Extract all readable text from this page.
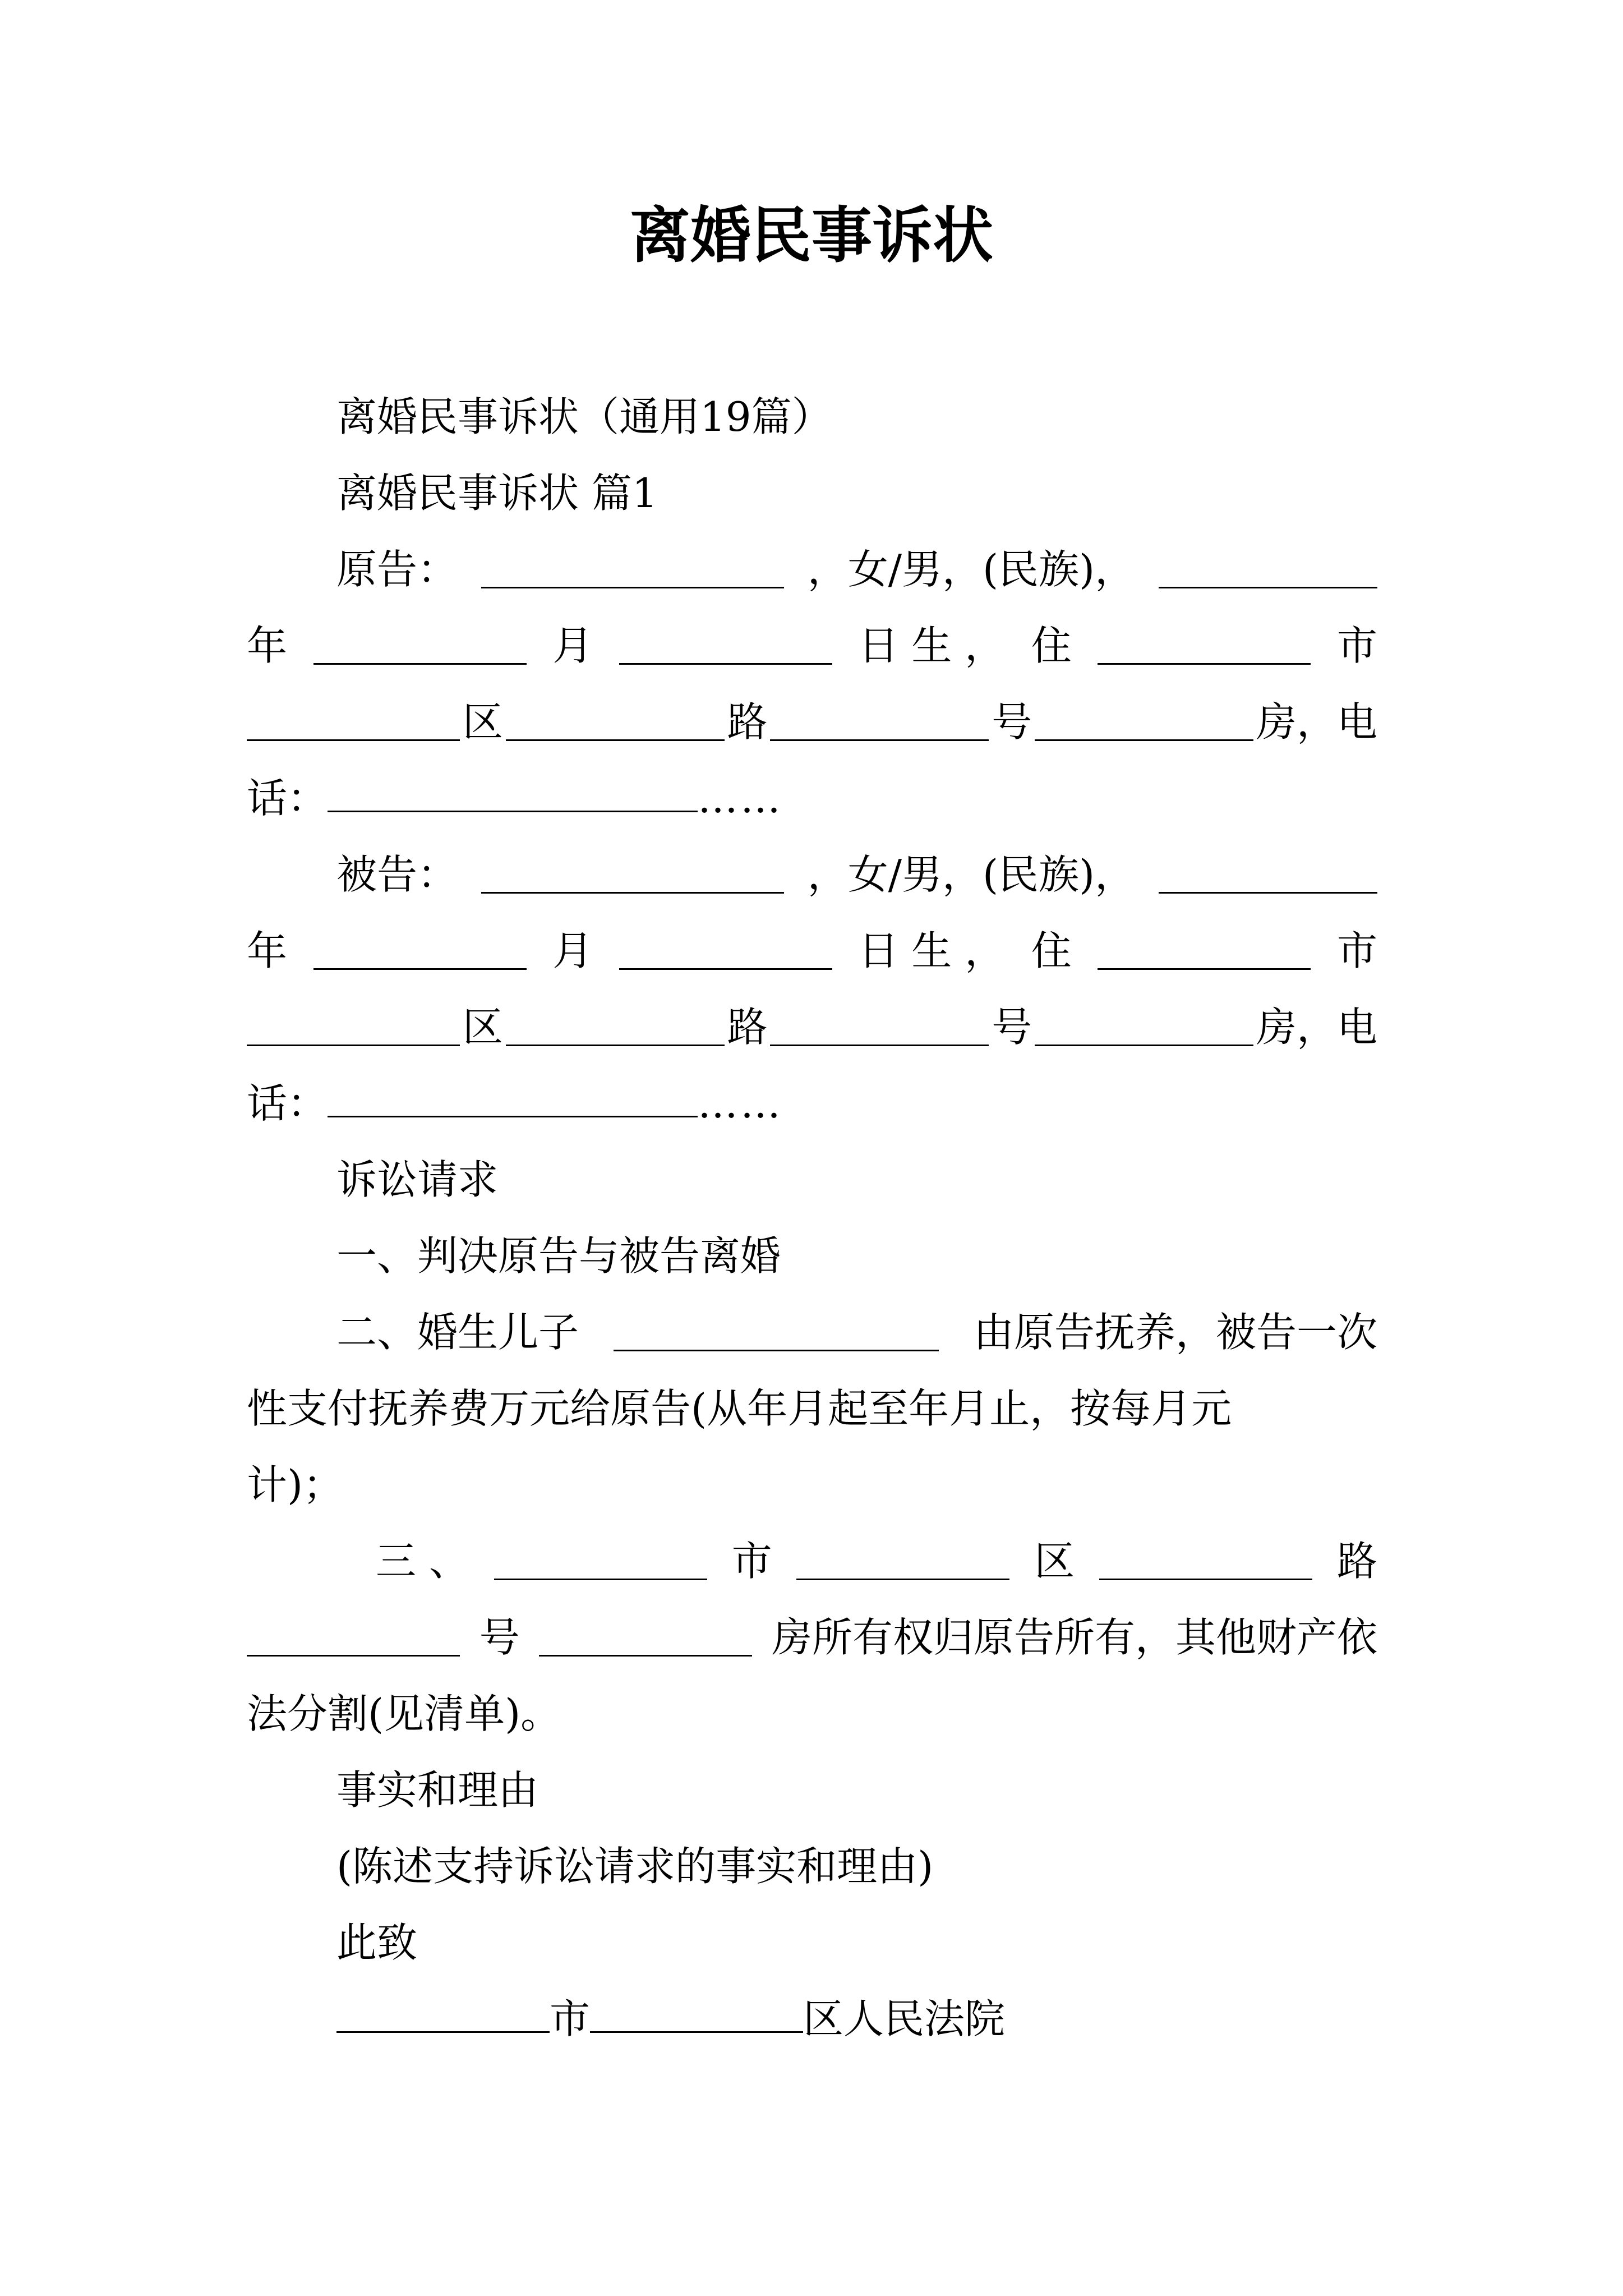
离婚民事诉状
离婚民事诉状（通用19篇）
离婚民事诉状 篇1
原告：	，女/男，(民族)，
年	月	日 生 ， 住	市
区	路	号	房，电
话：	……
被告：	，女/男，(民族)，
年	月	日 生 ， 住	市
区	路	号	房，电
话：	……
诉讼请求
一、判决原告与被告离婚
二、婚生儿子	由原告抚养，被告一次
性支付抚养费万元给原告(从年月起至年月止，按每月元
计)；
三 、	市	区	路
号	房所有权归原告所有，其他财产依
法分割(见清单)。
事实和理由
(陈述支持诉讼请求的事实和理由)
此致
市	区人民法院
